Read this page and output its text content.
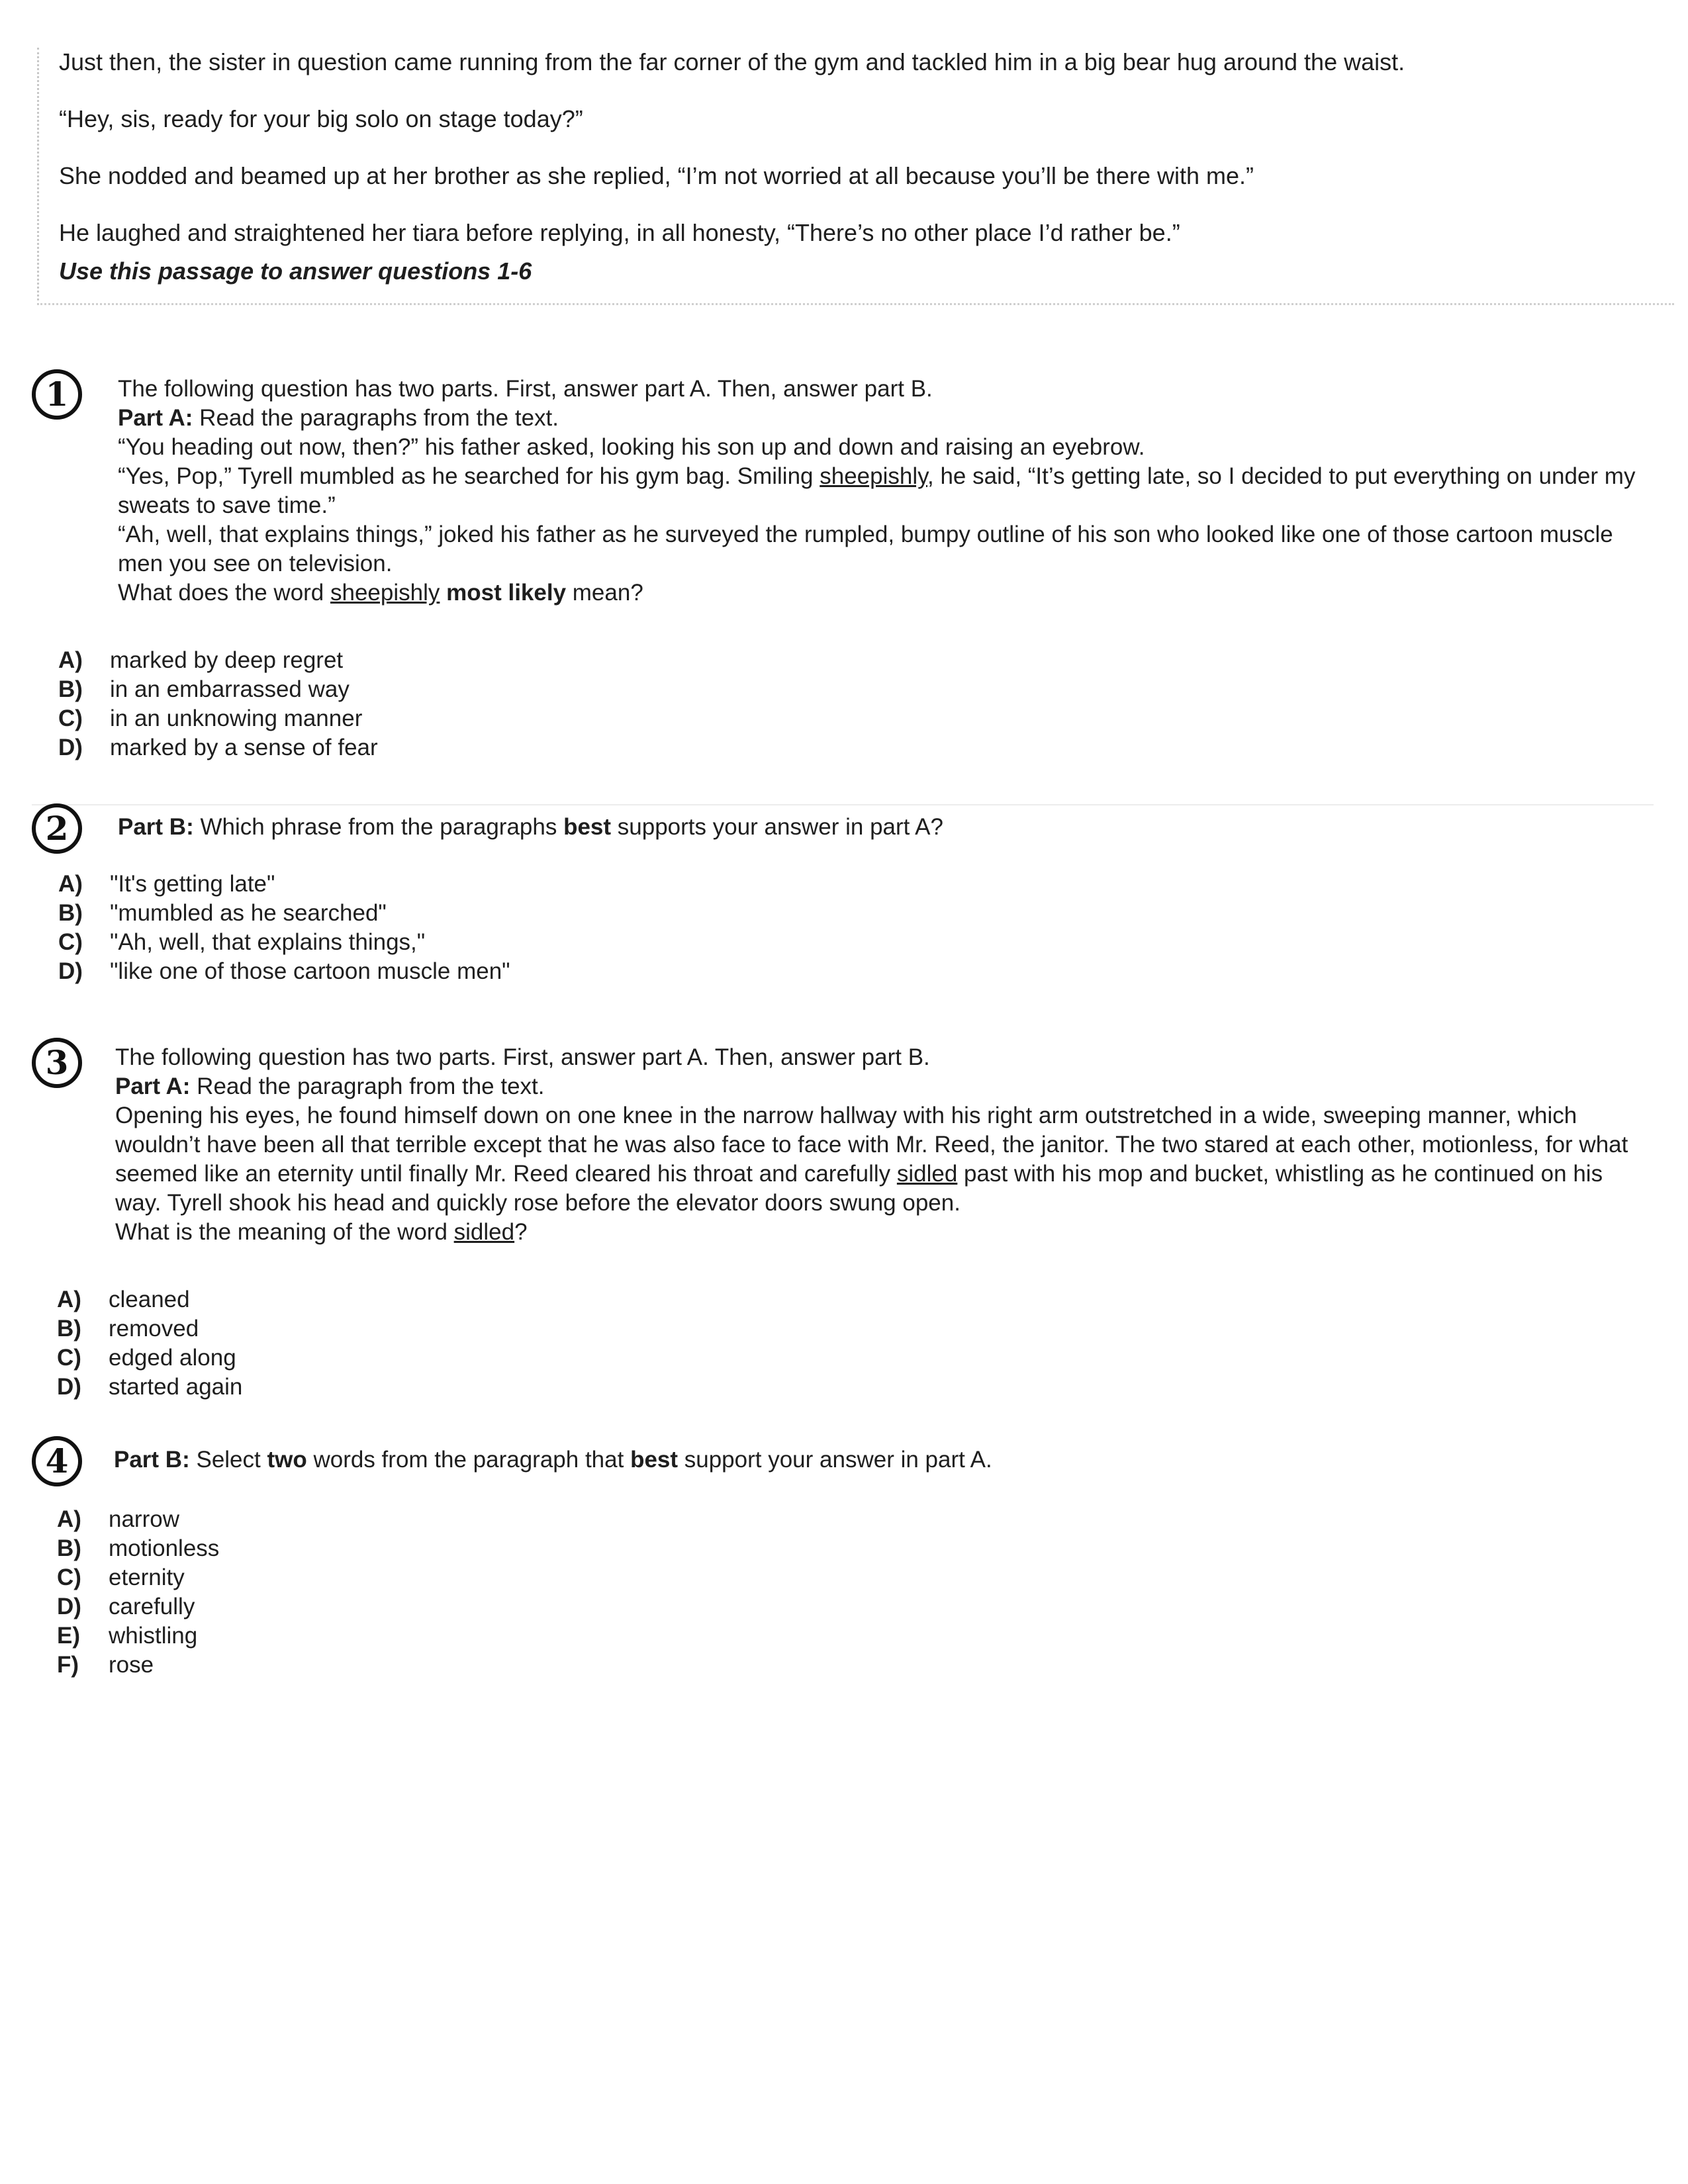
Just then, the sister in question came running from the far corner of the gym and tackled him in a big bear hug around the waist.

“Hey, sis, ready for your big solo on stage today?”

She nodded and beamed up at her brother as she replied, “I’m not worried at all because you’ll be there with me.”

He laughed and straightened her tiara before replying, in all honesty, “There’s no other place I’d rather be.”

Use this passage to answer questions 1-6

1	The following question has two parts. First, answer part A. Then, answer part B.

Part A: Read the paragraphs from the text.

“You heading out now, then?” his father asked, looking his son up and down and raising an eyebrow.

“Yes, Pop,” Tyrell mumbled as he searched for his gym bag. Smiling sheepishly, he said, “It’s getting late, so I decided to put everything on under my sweats to save time.”

“Ah, well, that explains things,” joked his father as he surveyed the rumpled, bumpy outline of his son who looked like one of those cartoon muscle men you see on television.

What does the word sheepishly most likely mean?

A)	marked by deep regret
B)	in an embarrassed way
C)	in an unknowing manner
D)	marked by a sense of fear
2	Part B: Which phrase from the paragraphs best supports your answer in part A?

A)	"It's getting late"
B)	"mumbled as he searched"
C)	"Ah, well, that explains things,"
D)	"like one of those cartoon muscle men"
3	The following question has two parts. First, answer part A. Then, answer part B.

Part A: Read the paragraph from the text.

Opening his eyes, he found himself down on one knee in the narrow hallway with his right arm outstretched in a wide, sweeping manner, which wouldn’t have been all that terrible except that he was also face to face with Mr. Reed, the janitor. The two stared at each other, motionless, for what seemed like an eternity until finally Mr. Reed cleared his throat and carefully sidled past with his mop and bucket, whistling as he continued on his way. Tyrell shook his head and quickly rose before the elevator doors swung open.

What is the meaning of the word sidled?

A)	cleaned
B)	removed
C)	edged along
D)	started again
4	Part B: Select two words from the paragraph that best support your answer in part A.

A)	narrow
B)	motionless
C)	eternity
D)	carefully
E)	whistling
F)	rose
